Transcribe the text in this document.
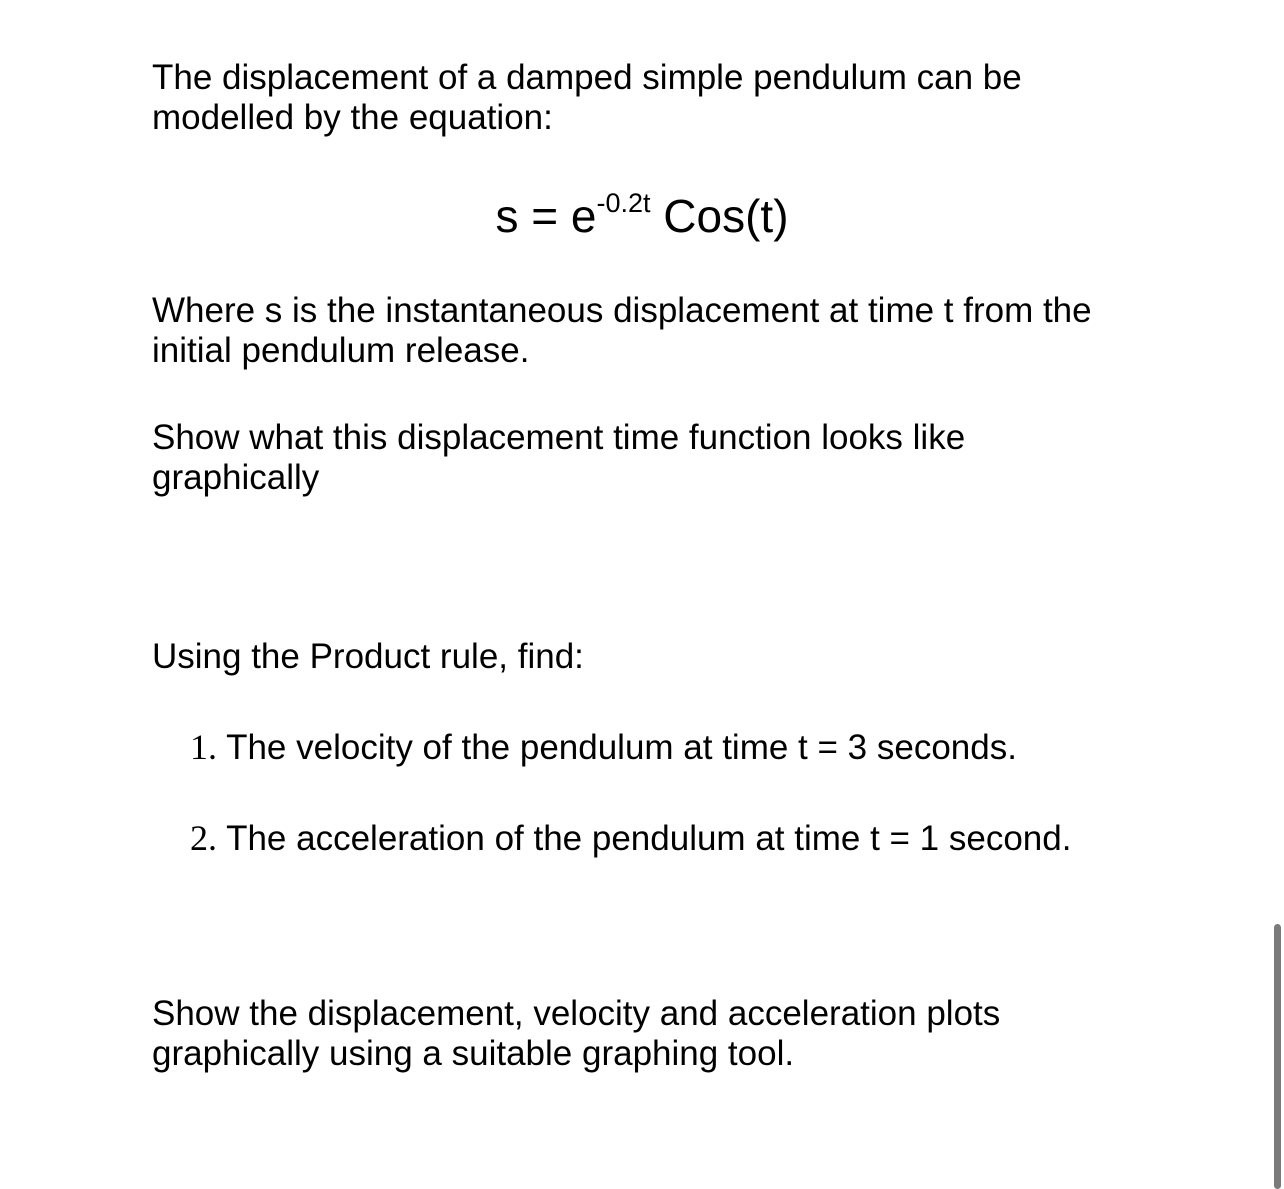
The displacement of a damped simple pendulum can be modelled by the equation:

$s = e^{-0.2t}$ Cos(t)

Where s is the instantaneous displacement at time t from the initial pendulum release.

Show what this displacement time function looks like graphically

Using the Product rule, find:

1. The velocity of the pendulum at time t = 3 seconds.
2. The acceleration of the pendulum at time t = 1 second.

Show the displacement, velocity and acceleration plots graphically using a suitable graphing tool.
